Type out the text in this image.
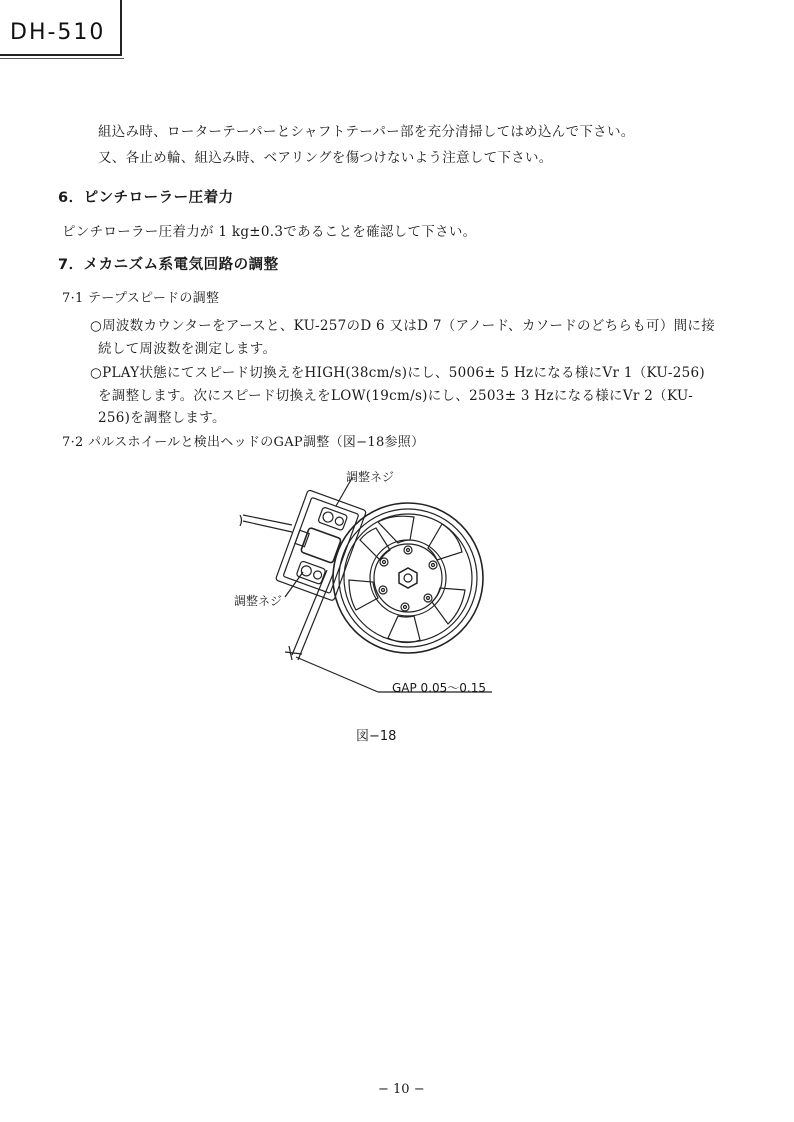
DH-510
組込み時、ローターテーパーとシャフトテーパー部を充分清掃してはめ込んで下さい。
又、各止め輪、組込み時、ベアリングを傷つけないよう注意して下さい。
6．ピンチローラー圧着力
ピンチローラー圧着力が 1 kg±0.3であることを確認して下さい。
7．メカニズム系電気回路の調整
7·1 テープスピードの調整
○周波数カウンターをアースと、KU-257のD 6 又はD 7（アノード、カソードのどちらも可）間に接
続して周波数を測定します。
○PLAY状態にてスピード切換えをHIGH(38cm/s)にし、5006± 5 Hzになる様にVr 1（KU-256)
を調整します。次にスピード切換えをLOW(19cm/s)にし、2503± 3 Hzになる様にVr 2（KU-
256)を調整します。
7·2 パルスホイールと検出ヘッドのGAP調整（図−18参照）
調整ネジ
調整ネジ
GAP 0.05～0.15
図−18
− 10 −
